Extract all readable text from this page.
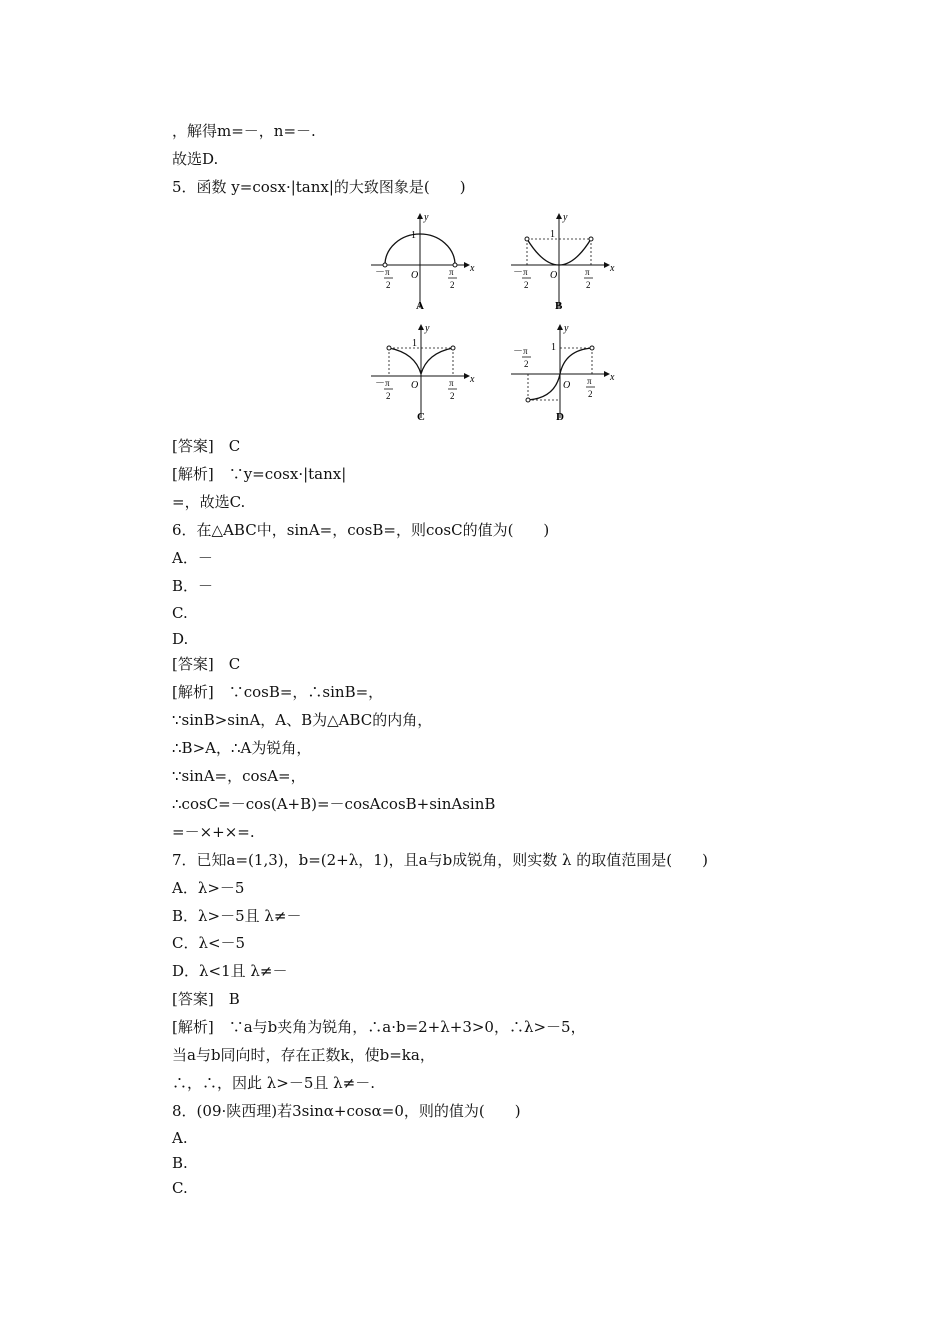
，解得m=－，n=－.
故选D.
5．函数 y=cosx·|tanx|的大致图象是(　　)
y
x
1
O
－ π
2
π
2
A
y
x
1
O
－ π
2
π
2
B
y
x
1
O
－ π
2
π
2
C
y
x
1
O
－ π
2
π
2
D
[答案]　C
[解析]　∵y=cosx·|tanx|
=，故选C.
6．在△ABC中，sinA=，cosB=，则cosC的值为(　　)
A．－
B．－
C.
D.
[答案]　C
[解析]　∵cosB=，∴sinB=，
∵sinB>sinA，A、B为△ABC的内角，
∴B>A，∴A为锐角，
∵sinA=，cosA=，
∴cosC=－cos(A+B)=－cosAcosB+sinAsinB
=－×+×=.
7．已知a=(1,3)，b=(2+λ，1)，且a与b成锐角，则实数 λ 的取值范围是(　　)
A．λ>－5
B．λ>－5且 λ≠－
C．λ<－5
D．λ<1且 λ≠－
[答案]　B
[解析]　∵a与b夹角为锐角，∴a·b=2+λ+3>0，∴λ>－5，
当a与b同向时，存在正数k，使b=ka，
∴，∴，因此 λ>－5且 λ≠－.
8．(09·陕西理)若3sinα+cosα=0，则的值为(　　)
A.
B.
C.
